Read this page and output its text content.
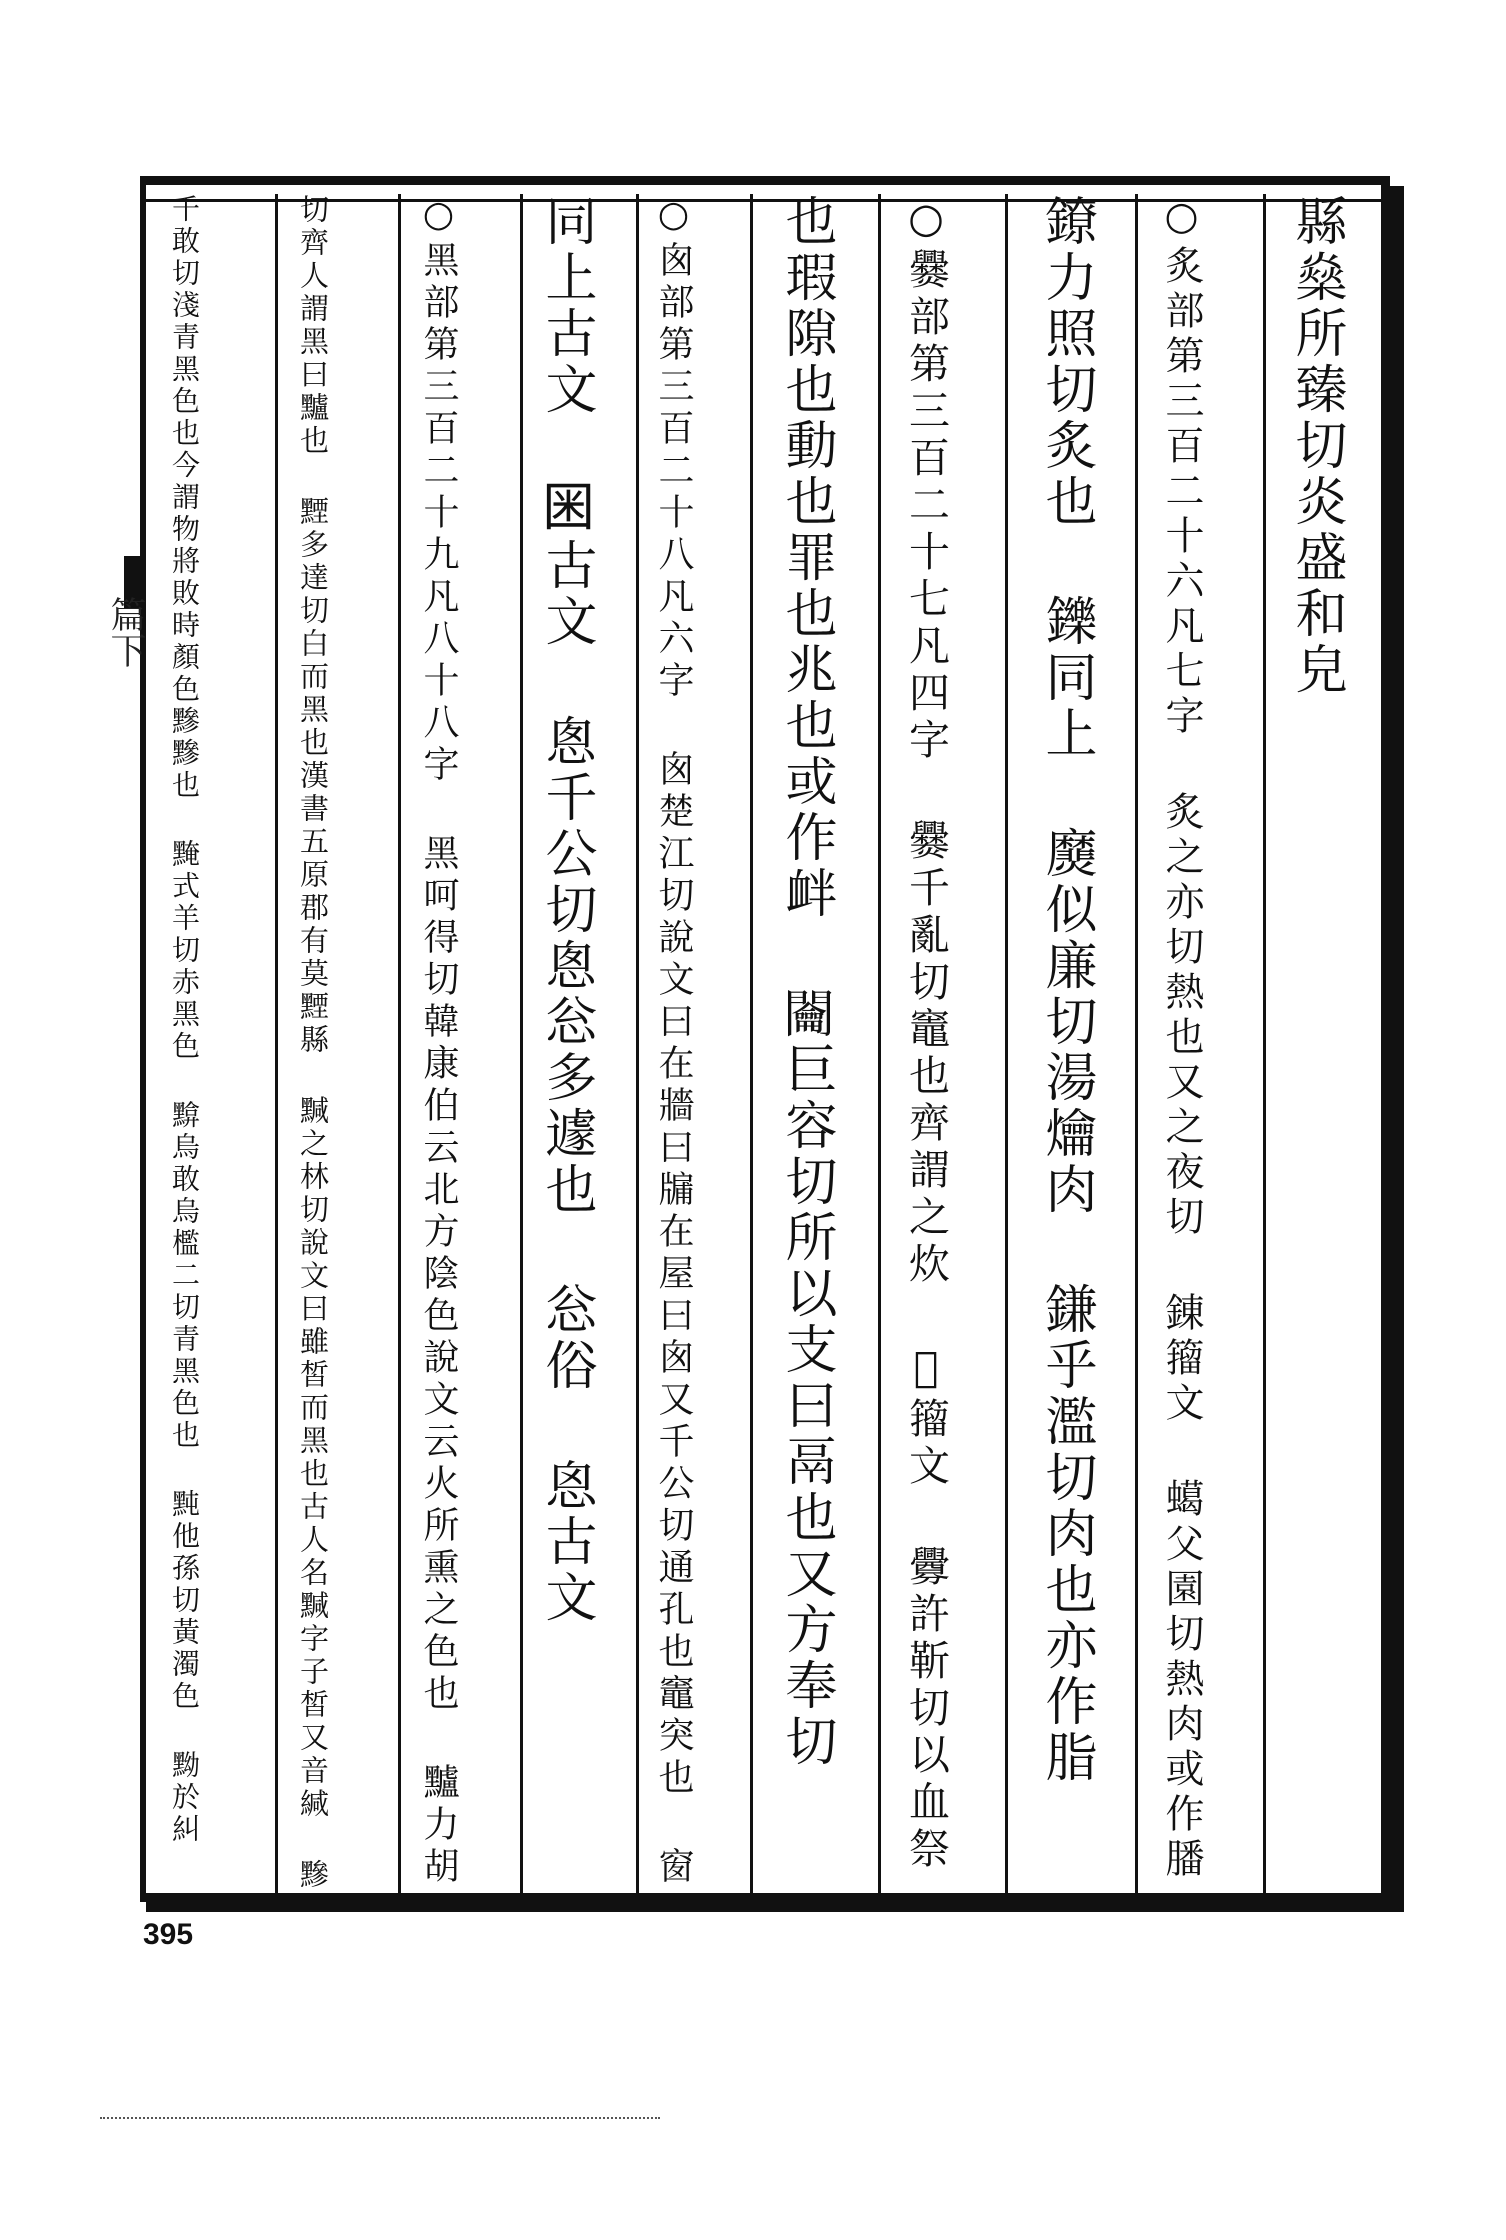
縣燊所臻切炎盛和皃
○炙部第三百二十六凡七字 炙之亦切熱也又之夜切 錬籀文 䗶父園切熱肉或作膰
鐐力照切炙也 鑠同上 㸏似廉切湯爚肉 鎌乎濫切肉也亦作脂
○爨部第三百二十七凡四字 爨千亂切竈也齊謂之炊 𤑎籀文 釁許靳切以血祭
也瑕隙也動也罪也兆也或作衅 𨷲巨容切所以支曰鬲也又方奉切
○囪部第三百二十八凡六字 囪楚江切說文曰在牆曰牖在屋曰囪又千公切通孔也竈突也 窗
同上古文 𡇒古文 悤千公切悤忩多遽也 忩俗 恖古文
○黑部第三百二十九凡八十八字 黑呵得切韓康伯云北方陰色說文云火所熏之色也 黸力胡
切齊人謂黑曰黸也 黫多達切白而黑也漢書五原郡有莫黫縣 黬之林切說文曰雖皙而黑也古人名黬字子皙又音緘 黲
千敢切淺青黑色也今謂物將敗時顏色黲黲也 黤式羊切赤黑色 黭烏敢烏檻二切青黑色也 黗他孫切黃濁色 黝於糾
篇下
395
